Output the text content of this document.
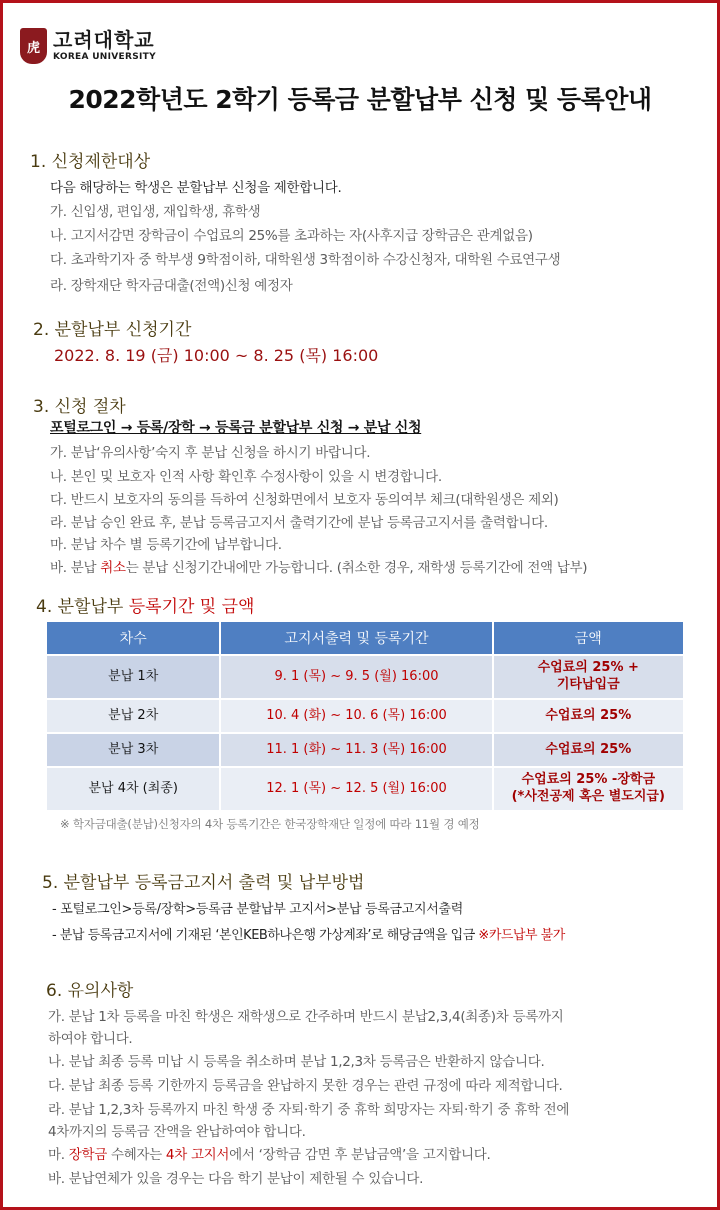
虎 고려대학교
KOREA UNIVERSITY
2022학년도 2학기 등록금 분할납부 신청 및 등록안내
1. 신청제한대상
다음 해당하는 학생은 분할납부 신청을 제한합니다.
가. 신입생, 편입생, 재입학생, 휴학생
나. 고지서감면 장학금이 수업료의 25%를 초과하는 자(사후지급 장학금은 관계없음)
다. 초과학기자 중 학부생 9학점이하, 대학원생 3학점이하 수강신청자, 대학원 수료연구생
라. 장학재단 학자금대출(전액)신청 예정자
2. 분할납부 신청기간
2022. 8. 19 (금) 10:00 ~ 8. 25 (목) 16:00
3. 신청 절차
포털로그인 → 등록/장학 → 등록금 분할납부 신청 → 분납 신청
가. 분납‘유의사항’숙지 후 분납 신청을 하시기 바랍니다.
나. 본인 및 보호자 인적 사항 확인후 수정사항이 있을 시 변경합니다.
다. 반드시 보호자의 동의를 득하여 신청화면에서 보호자 동의여부 체크(대학원생은 제외)
라. 분납 승인 완료 후, 분납 등록금고지서 출력기간에 분납 등록금고지서를 출력합니다.
마. 분납 차수 별 등록기간에 납부합니다.
바. 분납 취소는 분납 신청기간내에만 가능합니다. (취소한 경우, 재학생 등록기간에 전액 납부)
4. 분할납부 등록기간 및 금액
차수	고지서출력 및 등록기간	금액
분납 1차	9. 1 (목) ~ 9. 5 (월) 16:00	수업료의 25% +
기타납입금

분납 2차	10. 4 (화) ~ 10. 6 (목) 16:00	수업료의 25%
분납 3차	11. 1 (화) ~ 11. 3 (목) 16:00	수업료의 25%
분납 4차 (최종)	12. 1 (목) ~ 12. 5 (월) 16:00	수업료의 25% -장학금
(*사전공제 혹은 별도지급)
※ 학자금대출(분납)신청자의 4차 등록기간은 한국장학재단 일정에 따라 11월 경 예정
5. 분할납부 등록금고지서 출력 및 납부방법
- 포털로그인>등록/장학>등록금 분할납부 고지서>분납 등록금고지서출력
- 분납 등록금고지서에 기재된 ‘본인KEB하나은행 가상계좌’로 해당금액을 입금 ※카드납부 불가
6. 유의사항
가. 분납 1차 등록을 마친 학생은 재학생으로 간주하며 반드시 분납2,3,4(최종)차 등록까지
하여야 합니다.
나. 분납 최종 등록 미납 시 등록을 취소하며 분납 1,2,3차 등록금은 반환하지 않습니다.
다. 분납 최종 등록 기한까지 등록금을 완납하지 못한 경우는 관련 규정에 따라 제적합니다.
라. 분납 1,2,3차 등록까지 마친 학생 중 자퇴·학기 중 휴학 희망자는 자퇴·학기 중 휴학 전에
4차까지의 등록금 잔액을 완납하여야 합니다.
마. 장학금 수혜자는 4차 고지서에서 ‘장학금 감면 후 분납금액’을 고지합니다.
바. 분납연체가 있을 경우는 다음 학기 분납이 제한될 수 있습니다.
